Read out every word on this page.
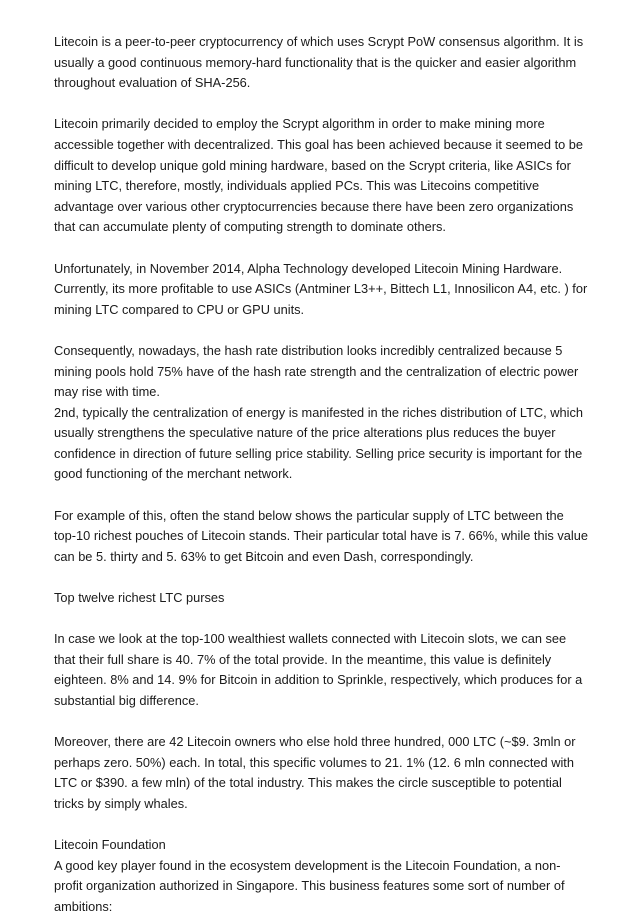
Litecoin is a peer-to-peer cryptocurrency of which uses Scrypt PoW consensus algorithm. It is usually a good continuous memory-hard functionality that is the quicker and easier algorithm throughout evaluation of SHA-256.

Litecoin primarily decided to employ the Scrypt algorithm in order to make mining more accessible together with decentralized. This goal has been achieved because it seemed to be difficult to develop unique gold mining hardware, based on the Scrypt criteria, like ASICs for mining LTC, therefore, mostly, individuals applied PCs. This was Litecoins competitive advantage over various other cryptocurrencies because there have been zero organizations that can accumulate plenty of computing strength to dominate others.

Unfortunately, in November 2014, Alpha Technology developed Litecoin Mining Hardware. Currently, its more profitable to use ASICs (Antminer L3++, Bittech L1, Innosilicon A4, etc. ) for mining LTC compared to CPU or GPU units.

Consequently, nowadays, the hash rate distribution looks incredibly centralized because 5 mining pools hold 75% have of the hash rate strength and the centralization of electric power may rise with time.

2nd, typically the centralization of energy is manifested in the riches distribution of LTC, which usually strengthens the speculative nature of the price alterations plus reduces the buyer confidence in direction of future selling price stability. Selling price security is important for the good functioning of the merchant network.

For example of this, often the stand below shows the particular supply of LTC between the top-10 richest pouches of Litecoin stands. Their particular total have is 7. 66%, while this value can be 5. thirty and 5. 63% to get Bitcoin and even Dash, correspondingly.

Top twelve richest LTC purses

In case we look at the top-100 wealthiest wallets connected with Litecoin slots, we can see that their full share is 40. 7% of the total provide. In the meantime, this value is definitely eighteen. 8% and 14. 9% for Bitcoin in addition to Sprinkle, respectively, which produces for a substantial big difference.

Moreover, there are 42 Litecoin owners who else hold three hundred, 000 LTC (~$9. 3mln or perhaps zero. 50%) each. In total, this specific volumes to 21. 1% (12. 6 mln connected with LTC or $390. a few mln) of the total industry. This makes the circle susceptible to potential tricks by simply whales.

Litecoin Foundation

A good key player found in the ecosystem development is the Litecoin Foundation, a non-profit organization authorized in Singapore. This business features some sort of number of ambitions:
